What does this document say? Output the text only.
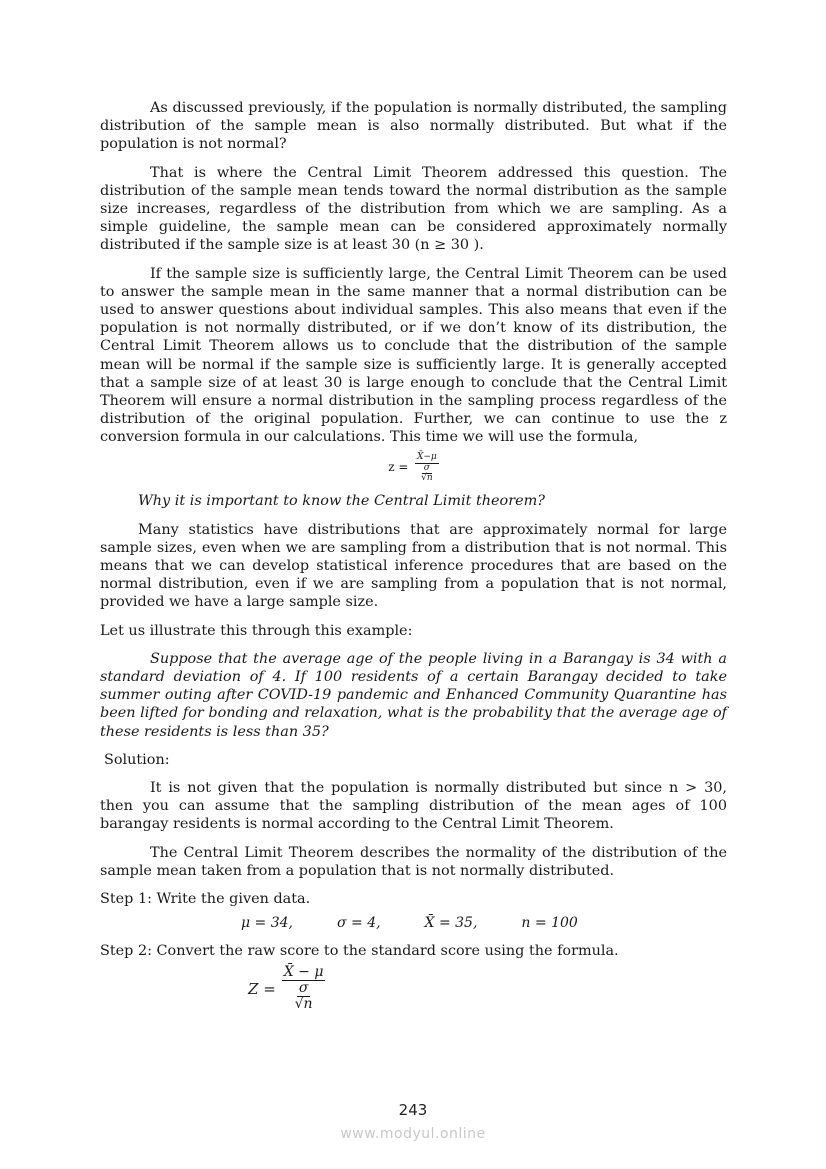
As discussed previously, if the population is normally distributed, the sampling distribution of the sample mean is also normally distributed. But what if the population is not normal?

That is where the Central Limit Theorem addressed this question. The distribution of the sample mean tends toward the normal distribution as the sample size increases, regardless of the distribution from which we are sampling. As a simple guideline, the sample mean can be considered approximately normally distributed if the sample size is at least 30 (n ≥ 30 ).

If the sample size is sufficiently large, the Central Limit Theorem can be used to answer the sample mean in the same manner that a normal distribution can be used to answer questions about individual samples. This also means that even if the population is not normally distributed, or if we don’t know of its distribution, the Central Limit Theorem allows us to conclude that the distribution of the sample mean will be normal if the sample size is sufficiently large. It is generally accepted that a sample size of at least 30 is large enough to conclude that the Central Limit Theorem will ensure a normal distribution in the sampling process regardless of the distribution of the original population. Further, we can continue to use the z conversion formula in our calculations. This time we will use the formula,

$z = \frac{X̄-\mu}{\frac{\sigma}{√n}}$

Why it is important to know the Central Limit theorem?

Many statistics have distributions that are approximately normal for large sample sizes, even when we are sampling from a distribution that is not normal. This means that we can develop statistical inference procedures that are based on the normal distribution, even if we are sampling from a population that is not normal, provided we have a large sample size.

Let us illustrate this through this example:

Suppose that the average age of the people living in a Barangay is 34 with a standard deviation of 4. If 100 residents of a certain Barangay decided to take summer outing after COVID-19 pandemic and Enhanced Community Quarantine has been lifted for bonding and relaxation, what is the probability that the average age of these residents is less than 35?

Solution:

It is not given that the population is normally distributed but since n > 30, then you can assume that the sampling distribution of the mean ages of 100 barangay residents is normal according to the Central Limit Theorem.

The Central Limit Theorem describes the normality of the distribution of the sample mean taken from a population that is not normally distributed.

Step 1: Write the given data.

μ = 34,	σ = 4,	X̄ = 35,	n = 100

Step 2: Convert the raw score to the standard score using the formula.

$Z = \frac{X̄ - \mu}{\frac{\sigma}{√n}}$
243
www.modyul.online
